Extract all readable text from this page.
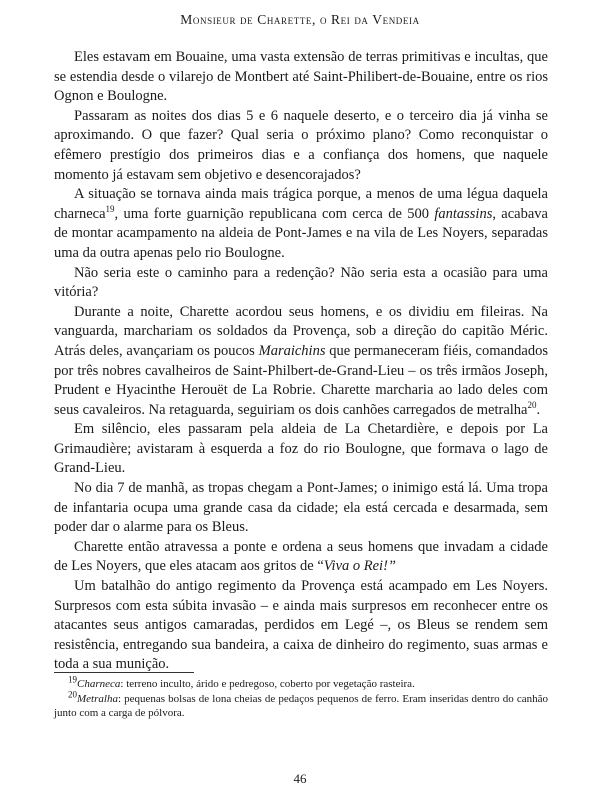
Monsieur de Charette, o Rei da Vendeia

Eles estavam em Bouaine, uma vasta extensão de terras primitivas e incultas, que se estendia desde o vilarejo de Montbert até Saint-Philibert-de-Bouaine, entre os rios Ognon e Boulogne.

Passaram as noites dos dias 5 e 6 naquele deserto, e o terceiro dia já vinha se aproximando. O que fazer? Qual seria o próximo plano? Como reconquistar o efêmero prestígio dos primeiros dias e a confiança dos homens, que naquele momento já estavam sem objetivo e desencorajados?

A situação se tornava ainda mais trágica porque, a menos de uma légua daquela charneca$^{19}$, uma forte guarnição republicana com cerca de 500 fantassins, acabava de montar acampamento na aldeia de Pont-James e na vila de Les Noyers, separadas uma da outra apenas pelo rio Boulogne.

Não seria este o caminho para a redenção? Não seria esta a ocasião para uma vitória?

Durante a noite, Charette acordou seus homens, e os dividiu em fileiras. Na vanguarda, marchariam os soldados da Provença, sob a direção do capitão Méric. Atrás deles, avançariam os poucos Maraichins que permaneceram fiéis, comandados por três nobres cavalheiros de Saint-Philbert-de-Grand-Lieu – os três irmãos Joseph, Prudent e Hyacinthe Herouët de La Robrie. Charette marcharia ao lado deles com seus cavaleiros. Na retaguarda, seguiriam os dois canhões carregados de metralha$^{20}$.

Em silêncio, eles passaram pela aldeia de La Chetardière, e depois por La Grimaudière; avistaram à esquerda a foz do rio Boulogne, que formava o lago de Grand-Lieu.

No dia 7 de manhã, as tropas chegam a Pont-James; o inimigo está lá. Uma tropa de infantaria ocupa uma grande casa da cidade; ela está cercada e desarmada, sem poder dar o alarme para os Bleus.

Charette então atravessa a ponte e ordena a seus homens que invadam a cidade de Les Noyers, que eles atacam aos gritos de “Viva o Rei!”

Um batalhão do antigo regimento da Provença está acampado em Les Noyers. Surpresos com esta súbita invasão – e ainda mais surpresos em reconhecer entre os atacantes seus antigos camaradas, perdidos em Legé –, os Bleus se rendem sem resistência, entregando sua bandeira, a caixa de dinheiro do regimento, suas armas e toda a sua munição.

$^{19}$Charneca: terreno inculto, árido e pedregoso, coberto por vegetação rasteira.

$^{20}$Metralha: pequenas bolsas de lona cheias de pedaços pequenos de ferro. Eram inseridas dentro do canhão junto com a carga de pólvora.

46
